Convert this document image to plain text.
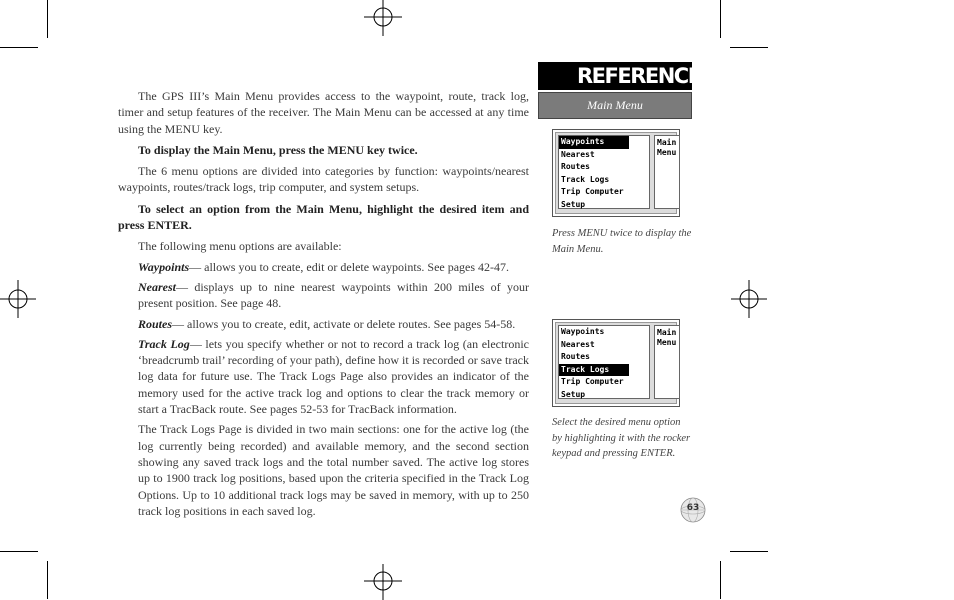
The GPS III’s Main Menu provides access to the waypoint, route, track log, timer and setup features of the receiver. The Main Menu can be accessed at any time using the MENU key.

To display the Main Menu, press the MENU key twice.

The 6 menu options are divided into categories by function: waypoints/nearest waypoints, routes/track logs, trip computer, and system setups.

To select an option from the Main Menu, highlight the desired item and press ENTER.

The following menu options are available:

Waypoints— allows you to create, edit or delete waypoints. See pages 42-47.

Nearest— displays up to nine nearest waypoints within 200 miles of your present position. See page 48.

Routes— allows you to create, edit, activate or delete routes. See pages 54-58.

Track Log— lets you specify whether or not to record a track log (an electronic ‘breadcrumb trail’ recording of your path), define how it is recorded or save track log data for future use. The Track Logs Page also provides an indicator of the memory used for the active track log and options to clear the track memory or start a TracBack route. See pages 52-53 for TracBack information.

The Track Logs Page is divided in two main sections: one for the active log (the log currently being recorded) and available memory, and the second section showing any saved track logs and the total number saved. The active log stores up to 1900 track log positions, based upon the criteria specified in the Track Log Options. Up to 10 additional track logs may be saved in memory, with up to 250 track log positions in each saved log.

REFERENCE
Main Menu
Waypoints
Nearest
Routes
Track Logs
Trip Computer
Setup
Main
Menu
Press MENU twice to display the Main Menu.
Waypoints
Nearest
Routes
Track Logs
Trip Computer
Setup
Main
Menu
Select the desired menu option by highlighting it with the rocker keypad and pressing ENTER.
63
